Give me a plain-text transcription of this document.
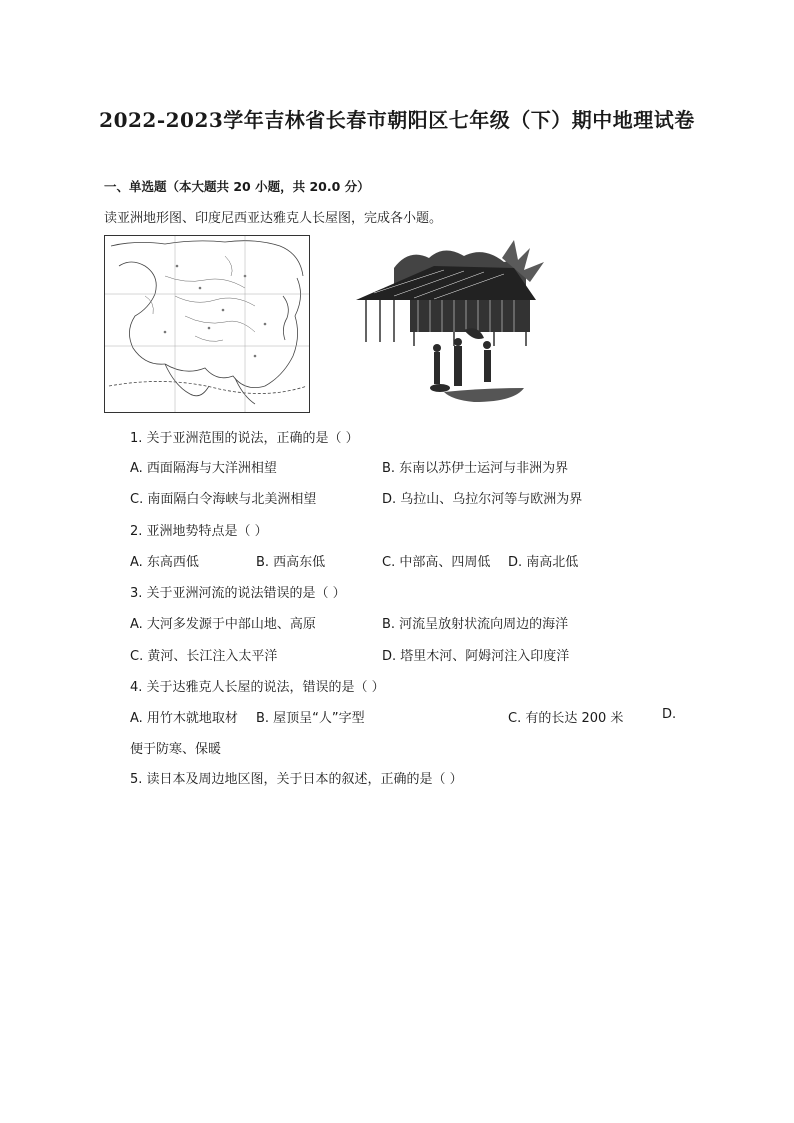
2022-2023学年吉林省长春市朝阳区七年级（下）期中地理试卷
一、单选题（本大题共 20 小题，共 20.0 分）
读亚洲地形图、印度尼西亚达雅克人长屋图，完成各小题。
1. 关于亚洲范围的说法，正确的是（ ）
A. 西面隔海与大洋洲相望	B. 东南以苏伊士运河与非洲为界
C. 南面隔白令海峡与北美洲相望	D. 乌拉山、乌拉尔河等与欧洲为界
2. 亚洲地势特点是（ ）
A. 东高西低	B. 西高东低	C. 中部高、四周低 D. 南高北低
3. 关于亚洲河流的说法错误的是（ ）
A. 大河多发源于中部山地、高原	B. 河流呈放射状流向周边的海洋
C. 黄河、长江注入太平洋	D. 塔里木河、阿姆河注入印度洋
4. 关于达雅克人长屋的说法，错误的是（ ）
A. 用竹木就地取材 B. 屋顶呈“人”字型	C. 有的长达 200 米	D.
便于防寒、保暖
5. 读日本及周边地区图，关于日本的叙述，正确的是（ ）
